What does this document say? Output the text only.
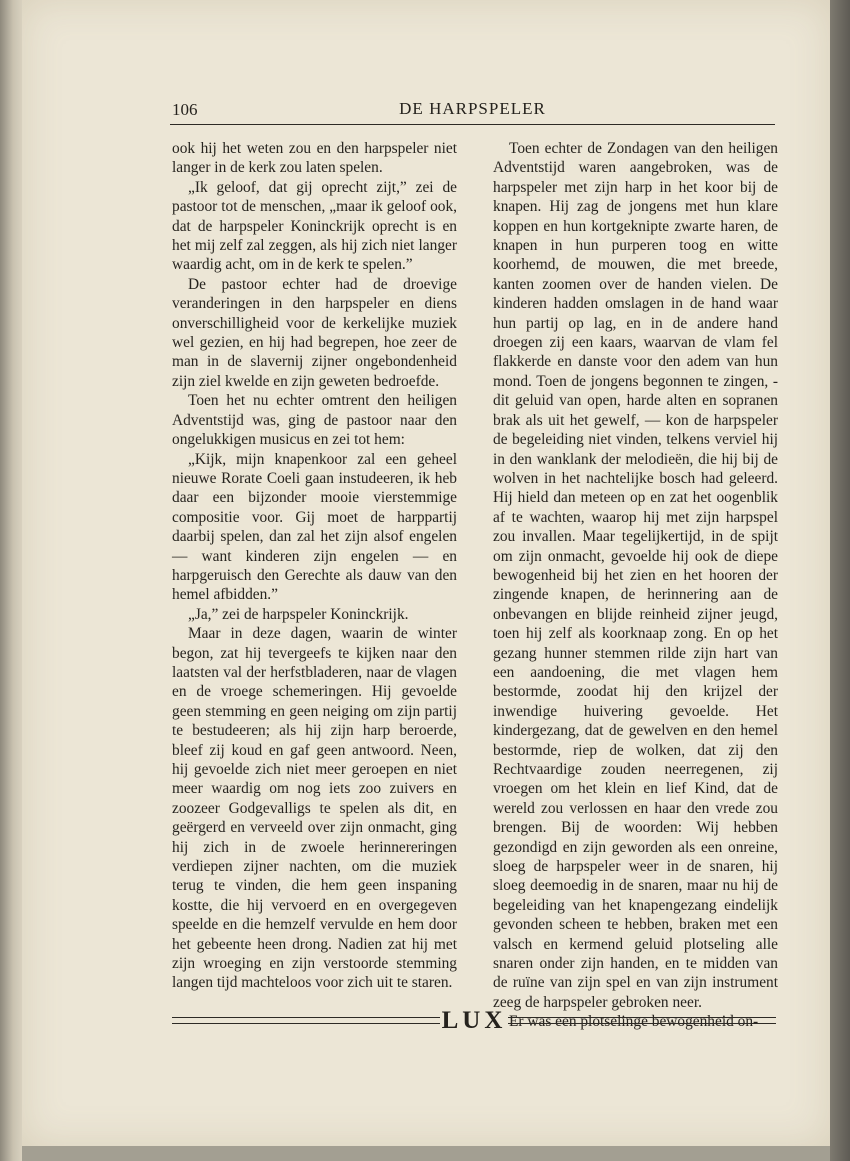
106	DE HARPSPELER

ook hij het weten zou en den harpspeler niet langer in de kerk zou laten spelen.

„Ik geloof, dat gij oprecht zijt,” zei de pastoor tot de menschen, „maar ik geloof ook, dat de harpspeler Koninckrijk oprecht is en het mij zelf zal zeggen, als hij zich niet langer waardig acht, om in de kerk te spelen.”

De pastoor echter had de droevige veranderingen in den harpspeler en diens onverschilligheid voor de kerkelijke muziek wel gezien, en hij had begrepen, hoe zeer de man in de slavernij zijner ongebondenheid zijn ziel kwelde en zijn geweten bedroefde.

Toen het nu echter omtrent den heiligen Adventstijd was, ging de pastoor naar den ongelukkigen musicus en zei tot hem:

„Kijk, mijn knapenkoor zal een geheel nieuwe Rorate Coeli gaan instudeeren, ik heb daar een bijzonder mooie vierstemmige compositie voor. Gij moet de harppartij daarbij spelen, dan zal het zijn alsof engelen — want kinderen zijn engelen — en harpgeruisch den Gerechte als dauw van den hemel afbidden.”

„Ja,” zei de harpspeler Koninckrijk.

Maar in deze dagen, waarin de winter begon, zat hij tevergeefs te kijken naar den laatsten val der herfstbladeren, naar de vlagen en de vroege schemeringen. Hij gevoelde geen stemming en geen neiging om zijn partij te bestudeeren; als hij zijn harp beroerde, bleef zij koud en gaf geen antwoord. Neen, hij gevoelde zich niet meer geroepen en niet meer waardig om nog iets zoo zuivers en zoozeer Godgevalligs te spelen als dit, en geërgerd en verveeld over zijn onmacht, ging hij zich in de zwoele herinnereringen verdiepen zijner nachten, om die muziek terug te vinden, die hem geen inspaning kostte, die hij vervoerd en en overgegeven speelde en die hemzelf vervulde en hem door het gebeente heen drong. Nadien zat hij met zijn wroeging en zijn verstoorde stemming langen tijd machteloos voor zich uit te staren.

Toen echter de Zondagen van den heiligen Adventstijd waren aangebroken, was de harpspeler met zijn harp in het koor bij de knapen. Hij zag de jongens met hun klare koppen en hun kortgeknipte zwarte haren, de knapen in hun purperen toog en witte koorhemd, de mouwen, die met breede, kanten zoomen over de handen vielen. De kinderen hadden omslagen in de hand waar hun partij op lag, en in de andere hand droegen zij een kaars, waarvan de vlam fel flakkerde en danste voor den adem van hun mond. Toen de jongens begonnen te zingen, - dit geluid van open, harde alten en sopranen brak als uit het gewelf, — kon de harpspeler de begeleiding niet vinden, telkens verviel hij in den wanklank der melodieën, die hij bij de wolven in het nachtelijke bosch had geleerd. Hij hield dan meteen op en zat het oogenblik af te wachten, waarop hij met zijn harpspel zou invallen. Maar tegelijkertijd, in de spijt om zijn onmacht, gevoelde hij ook de diepe bewogenheid bij het zien en het hooren der zingende knapen, de herinnering aan de onbevangen en blijde reinheid zijner jeugd, toen hij zelf als koorknaap zong. En op het gezang hunner stemmen rilde zijn hart van een aandoening, die met vlagen hem bestormde, zoodat hij den krijzel der inwendige huivering gevoelde. Het kindergezang, dat de gewelven en den hemel bestormde, riep de wolken, dat zij den Rechtvaardige zouden neerregenen, zij vroegen om het klein en lief Kind, dat de wereld zou verlossen en haar den vrede zou brengen. Bij de woorden: Wij hebben gezondigd en zijn geworden als een onreine, sloeg de harpspeler weer in de snaren, hij sloeg deemoedig in de snaren, maar nu hij de begeleiding van het knapengezang eindelijk gevonden scheen te hebben, braken met een valsch en kermend geluid plotseling alle snaren onder zijn handen, en te midden van de ruïne van zijn spel en van zijn instrument zeeg de harpspeler gebroken neer.

Er was een plotselinge bewogenheid on-

LUX
